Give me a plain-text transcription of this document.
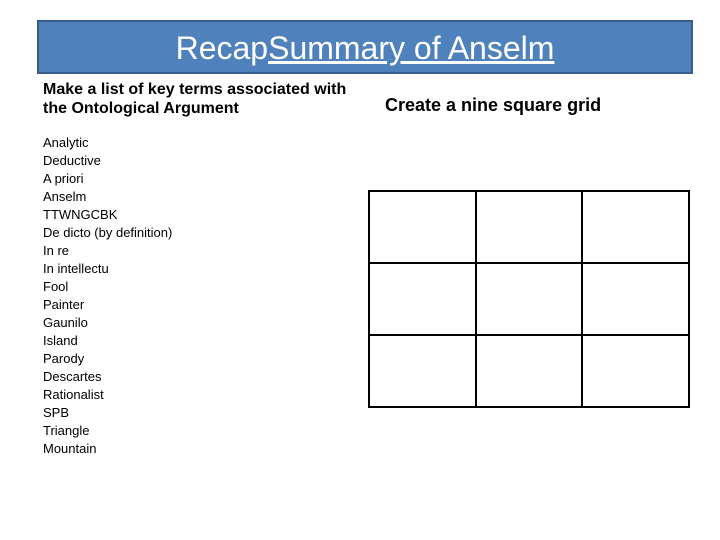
RecapSummary of Anselm
Make a list of key terms associated with the Ontological Argument	Create a nine square grid
Analytic
Deductive
A priori
Anselm
TTWNGCBK
De dicto (by definition)
In re
In intellectu
Fool
Painter
Gaunilo
Island
Parody
Descartes
Rationalist
SPB
Triangle
Mountain
